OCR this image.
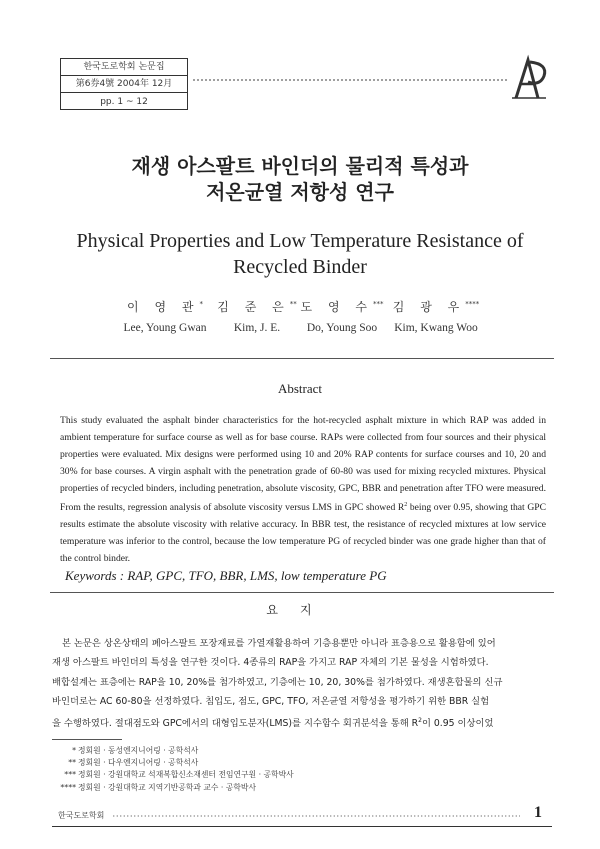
한국도로학회 논문집
第6券4號 2004年 12月
pp. 1 ~ 12
재생 아스팔트 바인더의 물리적 특성과
저온균열 저항성 연구
Physical Properties and Low Temperature Resistance of
Recycled Binder
이 영 관*
Lee, Young Gwan
김 준 은**
Kim, J. E.
도 영 수***
Do, Young Soo
김 광 우****
Kim, Kwang Woo
Abstract
This study evaluated the asphalt binder characteristics for the hot-recycled asphalt mixture in which RAP was added in ambient temperature for surface course as well as for base course. RAPs were collected from four sources and their physical properties were evaluated. Mix designs were performed using 10 and 20% RAP contents for surface courses and 10, 20 and 30% for base courses. A virgin asphalt with the penetration grade of 60-80 was used for mixing recycled mixtures. Physical properties of recycled binders, including penetration, absolute viscosity, GPC, BBR and penetration after TFO were measured. From the results, regression analysis of absolute viscosity versus LMS in GPC showed $R^2$ being over 0.95, showing that GPC results estimate the absolute viscosity with relative accuracy. In BBR test, the resistance of recycled mixtures at low service temperature was inferior to the control, because the low temperature PG of recycled binder was one grade higher than that of the control binder.
Keywords : RAP, GPC, TFO, BBR, LMS, low temperature PG
요지
본 논문은 상온상태의 폐아스팔트 포장재료를 가열재활용하여 기층용뿐만 아니라 표층용으로 활용함에 있어
재생 아스팔트 바인더의 특성을 연구한 것이다. 4종류의 RAP을 가지고 RAP 자체의 기본 물성을 시험하였다.
배합설계는 표층에는 RAP을 10, 20%를 첨가하였고, 기층에는 10, 20, 30%를 첨가하였다. 재생혼합물의 신규
바인더로는 AC 60-80을 선정하였다. 침입도, 점도, GPC, TFO, 저온균열 저항성을 평가하기 위한 BBR 실험
을 수행하였다. 절대점도와 GPC에서의 대형입도분자(LMS)를 지수함수 회귀분석을 통해 $R^2$이 0.95 이상이었
* 정회원 · 동성엔지니어링 · 공학석사
** 정회원 · 다우엔지니어링 · 공학석사
*** 정회원 · 강원대학교 석재복합신소재센터 전임연구원 · 공학박사
**** 정회원 · 강원대학교 지역기반공학과 교수 · 공학박사
한국도로학회	1
